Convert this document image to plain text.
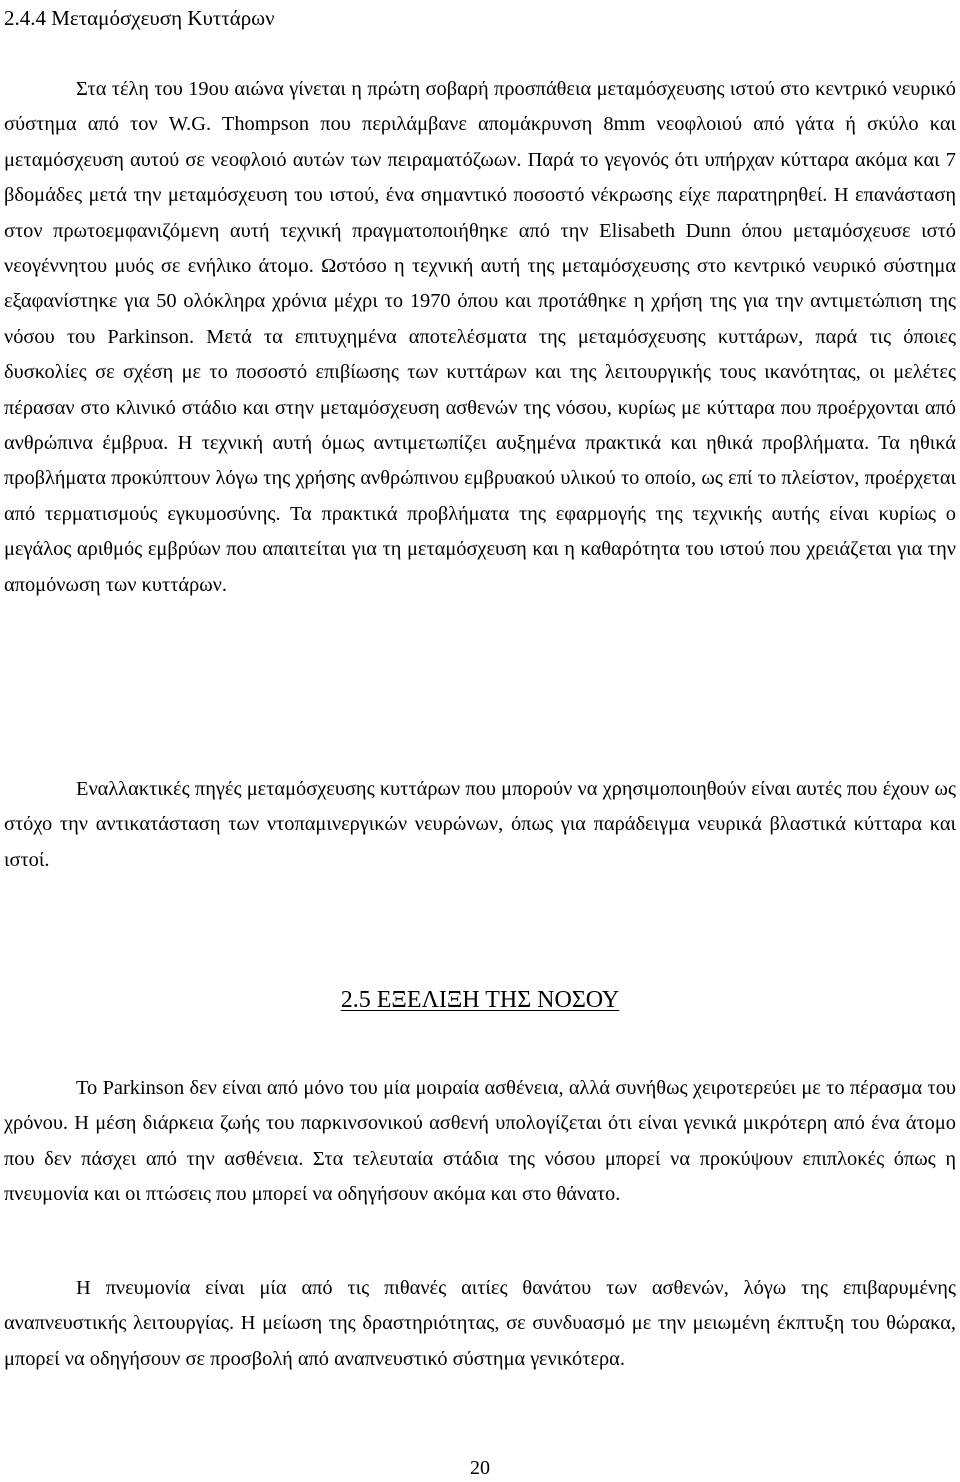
2.4.4 Μεταμόσχευση Κυττάρων

Στα τέλη του 19ου αιώνα γίνεται η πρώτη σοβαρή προσπάθεια μεταμόσχευσης ιστού στο κεντρικό νευρικό σύστημα από τον W.G. Thompson που περιλάμβανε απομάκρυνση 8mm νεοφλοιού από γάτα ή σκύλο και μεταμόσχευση αυτού σε νεοφλοιό αυτών των πειραματόζωων. Παρά το γεγονός ότι υπήρχαν κύτταρα ακόμα και 7 βδομάδες μετά την μεταμόσχευση του ιστού, ένα σημαντικό ποσοστό νέκρωσης είχε παρατηρηθεί. Η επανάσταση στον πρωτοεμφανιζόμενη αυτή τεχνική πραγματοποιήθηκε από την Elisabeth Dunn όπου μεταμόσχευσε ιστό νεογέννητου μυός σε ενήλικο άτομο. Ωστόσο η τεχνική αυτή της μεταμόσχευσης στο κεντρικό νευρικό σύστημα εξαφανίστηκε για 50 ολόκληρα χρόνια μέχρι το 1970 όπου και προτάθηκε η χρήση της για την αντιμετώπιση της νόσου του Parkinson. Μετά τα επιτυχημένα αποτελέσματα της μεταμόσχευσης κυττάρων, παρά τις όποιες δυσκολίες σε σχέση με το ποσοστό επιβίωσης των κυττάρων και της λειτουργικής τους ικανότητας, οι μελέτες πέρασαν στο κλινικό στάδιο και στην μεταμόσχευση ασθενών της νόσου, κυρίως με κύτταρα που προέρχονται από ανθρώπινα έμβρυα. Η τεχνική αυτή όμως αντιμετωπίζει αυξημένα πρακτικά και ηθικά προβλήματα. Τα ηθικά προβλήματα προκύπτουν λόγω της χρήσης ανθρώπινου εμβρυακού υλικού το οποίο, ως επί το πλείστον, προέρχεται από τερματισμούς εγκυμοσύνης. Τα πρακτικά προβλήματα της εφαρμογής της τεχνικής αυτής είναι κυρίως ο μεγάλος αριθμός εμβρύων που απαιτείται για τη μεταμόσχευση και η καθαρότητα του ιστού που χρειάζεται για την απομόνωση των κυττάρων.

Εναλλακτικές πηγές μεταμόσχευσης κυττάρων που μπορούν να χρησιμοποιηθούν είναι αυτές που έχουν ως στόχο την αντικατάσταση των ντοπαμινεργικών νευρώνων, όπως για παράδειγμα νευρικά βλαστικά κύτταρα και ιστοί.

2.5 ΕΞΕΛΙΞΗ ΤΗΣ ΝΟΣΟΥ

Το Parkinson δεν είναι από μόνο του μία μοιραία ασθένεια, αλλά συνήθως χειροτερεύει με το πέρασμα του χρόνου. Η μέση διάρκεια ζωής του παρκινσονικού ασθενή υπολογίζεται ότι είναι γενικά μικρότερη από ένα άτομο που δεν πάσχει από την ασθένεια. Στα τελευταία στάδια της νόσου μπορεί να προκύψουν επιπλοκές όπως η πνευμονία και οι πτώσεις που μπορεί να οδηγήσουν ακόμα και στο θάνατο.

Η πνευμονία είναι μία από τις πιθανές αιτίες θανάτου των ασθενών, λόγω της επιβαρυμένης αναπνευστικής λειτουργίας. Η μείωση της δραστηριότητας, σε συνδυασμό με την μειωμένη έκπτυξη του θώρακα, μπορεί να οδηγήσουν σε προσβολή από αναπνευστικό σύστημα γενικότερα.

20
